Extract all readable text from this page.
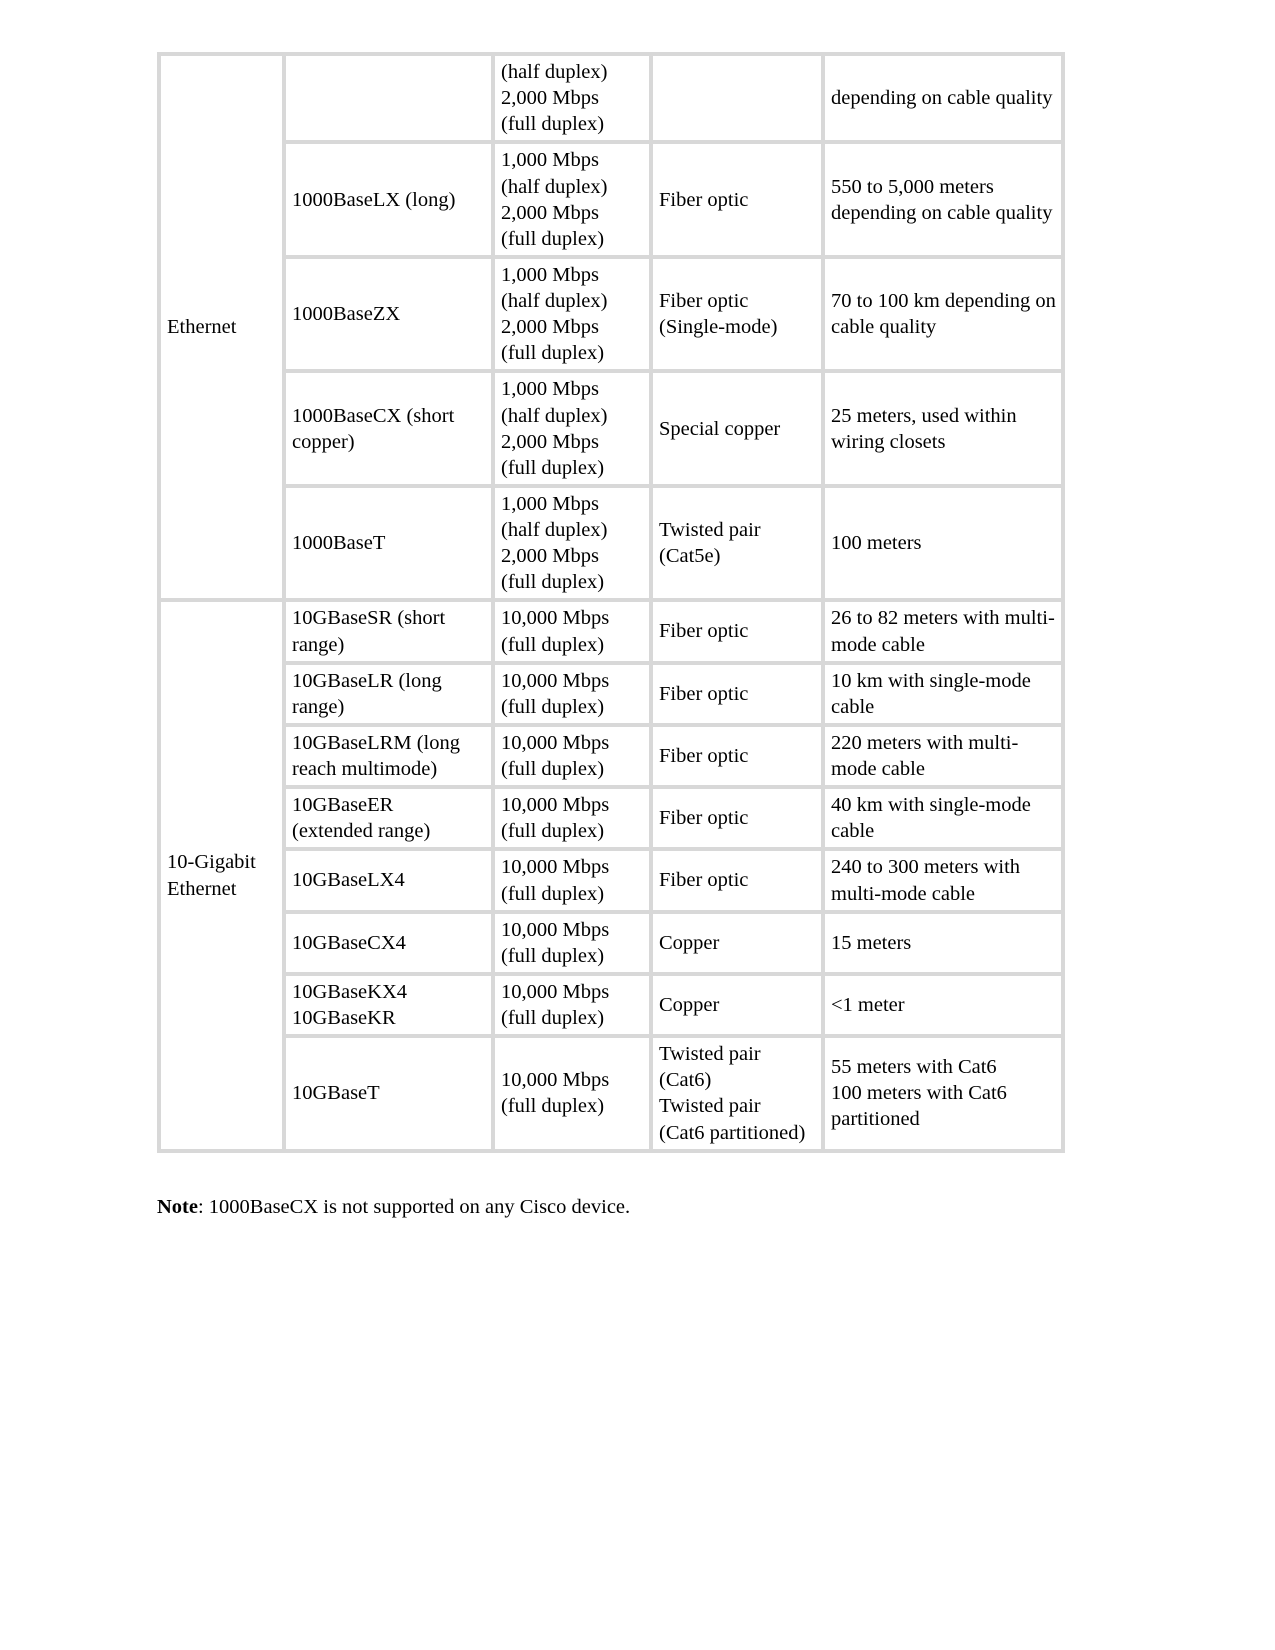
Ethernet		(half duplex)
2,000 Mbps
(full duplex)		depending on cable quality
	1000BaseLX (long)	1,000 Mbps
(half duplex)
2,000 Mbps
(full duplex)	Fiber optic	550 to 5,000 meters depending on cable quality
	1000BaseZX	1,000 Mbps
(half duplex)
2,000 Mbps
(full duplex)	Fiber optic
(Single-mode)	70 to 100 km depending on cable quality
	1000BaseCX (short copper)	1,000 Mbps
(half duplex)
2,000 Mbps
(full duplex)	Special copper	25 meters, used within wiring closets
	1000BaseT	1,000 Mbps
(half duplex)
2,000 Mbps
(full duplex)	Twisted pair
(Cat5e)	100 meters
10-Gigabit Ethernet	10GBaseSR (short range)	10,000 Mbps
(full duplex)	Fiber optic	26 to 82 meters with multi-mode cable
	10GBaseLR (long range)	10,000 Mbps
(full duplex)	Fiber optic	10 km with single-mode cable
	10GBaseLRM (long reach multimode)	10,000 Mbps
(full duplex)	Fiber optic	220 meters with multi-mode cable
	10GBaseER
(extended range)	10,000 Mbps
(full duplex)	Fiber optic	40 km with single-mode cable
	10GBaseLX4	10,000 Mbps
(full duplex)	Fiber optic	240 to 300 meters with multi-mode cable
	10GBaseCX4	10,000 Mbps
(full duplex)	Copper	15 meters
	10GBaseKX4
10GBaseKR	10,000 Mbps
(full duplex)	Copper	<1 meter
	10GBaseT	10,000 Mbps
(full duplex)	Twisted pair
(Cat6)
Twisted pair
(Cat6 partitioned)	55 meters with Cat6
100 meters with Cat6 partitioned
Note: 1000BaseCX is not supported on any Cisco device.
